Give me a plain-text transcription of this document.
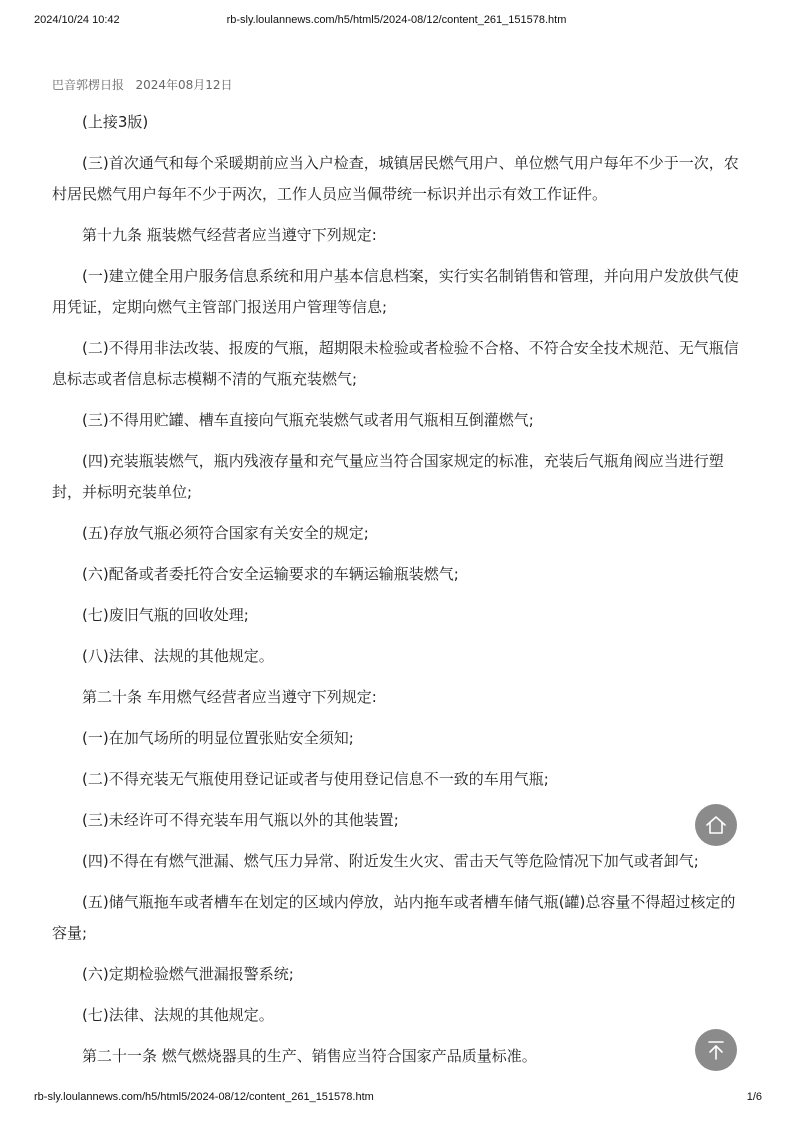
2024/10/24 10:42	rb-sly.loulannews.com/h5/html5/2024-08/12/content_261_151578.htm
巴音郭楞日报 2024年08月12日

(上接3版)

(三)首次通气和每个采暖期前应当入户检查，城镇居民燃气用户、单位燃气用户每年不少于一次，农村居民燃气用户每年不少于两次，工作人员应当佩带统一标识并出示有效工作证件。

第十九条 瓶装燃气经营者应当遵守下列规定:

(一)建立健全用户服务信息系统和用户基本信息档案，实行实名制销售和管理，并向用户发放供气使用凭证，定期向燃气主管部门报送用户管理等信息;

(二)不得用非法改装、报废的气瓶，超期限未检验或者检验不合格、不符合安全技术规范、无气瓶信息标志或者信息标志模糊不清的气瓶充装燃气;

(三)不得用贮罐、槽车直接向气瓶充装燃气或者用气瓶相互倒灌燃气;

(四)充装瓶装燃气，瓶内残液存量和充气量应当符合国家规定的标准，充装后气瓶角阀应当进行塑封，并标明充装单位;

(五)存放气瓶必须符合国家有关安全的规定;

(六)配备或者委托符合安全运输要求的车辆运输瓶装燃气;

(七)废旧气瓶的回收处理;

(八)法律、法规的其他规定。

第二十条 车用燃气经营者应当遵守下列规定:

(一)在加气场所的明显位置张贴安全须知;

(二)不得充装无气瓶使用登记证或者与使用登记信息不一致的车用气瓶;

(三)未经许可不得充装车用气瓶以外的其他装置;

(四)不得在有燃气泄漏、燃气压力异常、附近发生火灾、雷击天气等危险情况下加气或者卸气;

(五)储气瓶拖车或者槽车在划定的区域内停放，站内拖车或者槽车储气瓶(罐)总容量不得超过核定的容量;

(六)定期检验燃气泄漏报警系统;

(七)法律、法规的其他规定。

第二十一条 燃气燃烧器具的生产、销售应当符合国家产品质量标准。

rb-sly.loulannews.com/h5/html5/2024-08/12/content_261_151578.htm	1/6
